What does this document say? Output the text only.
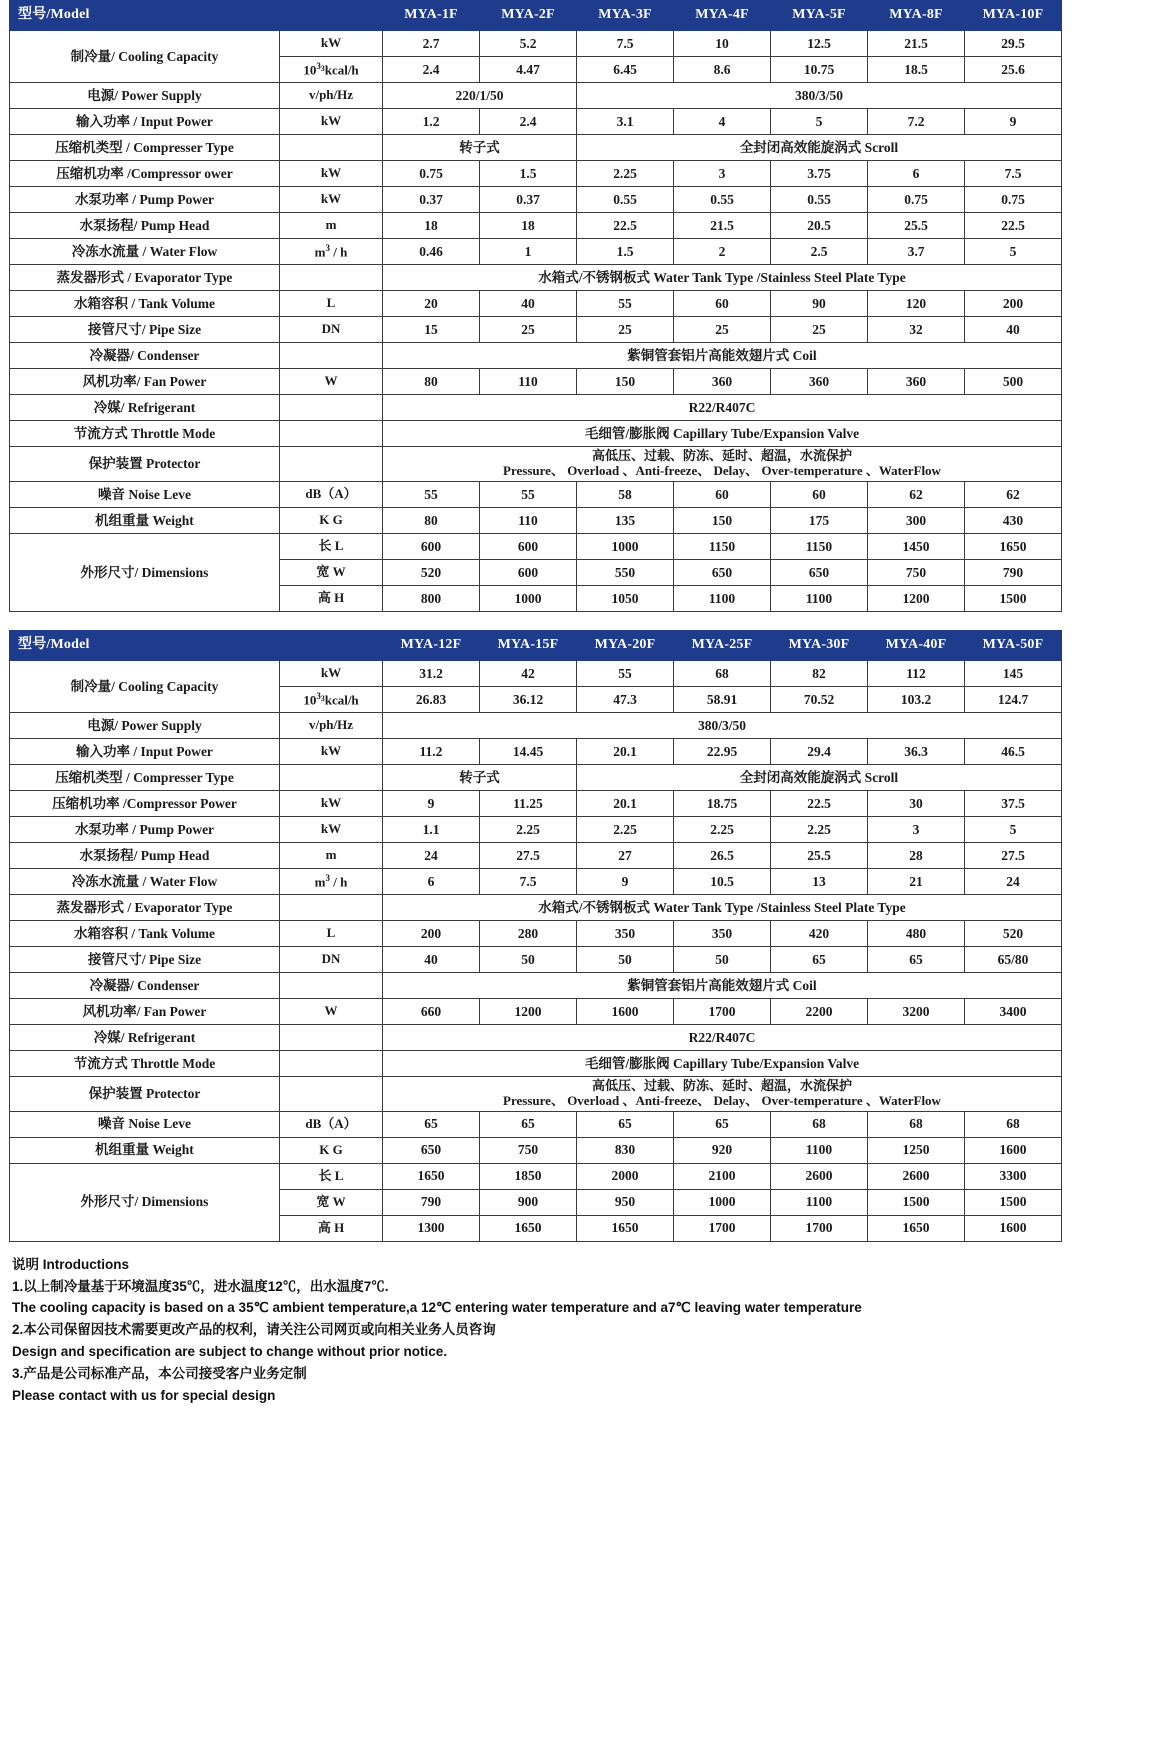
型号/Model		MYA-1F	MYA-2F	MYA-3F	MYA-4F	MYA-5F	MYA-8F	MYA-10F
制冷量/ Cooling Capacity	kW	2.7	5.2	7.5	10	12.5	21.5	29.5
	$10^3^3kcal/h$	2.4	4.47	6.45	8.6	10.75	18.5	25.6
电源/ Power Supply	v/ph/Hz	220/1/50		380/3/50				
输入功率 / Input Power	kW	1.2	2.4	3.1	4	5	7.2	9
压缩机类型 / Compresser Type		转子式		全封闭高效能旋涡式 Scroll				
压缩机功率 /Compressor ower	kW	0.75	1.5	2.25	3	3.75	6	7.5
水泵功率 / Pump Power	kW	0.37	0.37	0.55	0.55	0.55	0.75	0.75
水泵扬程/ Pump Head	m	18	18	22.5	21.5	20.5	25.5	22.5
冷冻水流量 / Water Flow	$m^3$ / h	0.46	1	1.5	2	2.5	3.7	5
蒸发器形式 / Evaporator Type		水箱式/不锈钢板式 Water Tank Type /Stainless Steel Plate Type						
水箱容积 / Tank Volume	L	20	40	55	60	90	120	200
接管尺寸/ Pipe Size	DN	15	25	25	25	25	32	40
冷凝器/ Condenser		紫铜管套铝片高能效翅片式 Coil						
风机功率/ Fan Power	W	80	110	150	360	360	360	500
冷媒/ Refrigerant		R22/R407C						
节流方式 Throttle Mode		毛细管/膨胀阀 Capillary Tube/Expansion Valve						
保护装置 Protector		高低压、过载、防冻、延时、超温，水流保护
Pressure、 Overload 、Anti-freeze、 Delay、 Over-temperature 、WaterFlow						

噪音 Noise Leve	dB（A）	55	55	58	60	60	62	62
机组重量 Weight	K G	80	110	135	150	175	300	430
外形尺寸/ Dimensions	长 L	600	600	1000	1150	1150	1450	1650
	宽 W	520	600	550	650	650	750	790
	高 H	800	1000	1050	1100	1100	1200	1500
型号/Model		MYA-12F	MYA-15F	MYA-20F	MYA-25F	MYA-30F	MYA-40F	MYA-50F
制冷量/ Cooling Capacity	kW	31.2	42	55	68	82	112	145
	$10^3^3kcal/h$	26.83	36.12	47.3	58.91	70.52	103.2	124.7
电源/ Power Supply	v/ph/Hz	380/3/50						
输入功率 / Input Power	kW	11.2	14.45	20.1	22.95	29.4	36.3	46.5
压缩机类型 / Compresser Type		转子式		全封闭高效能旋涡式 Scroll				
压缩机功率 /Compressor Power	kW	9	11.25	20.1	18.75	22.5	30	37.5
水泵功率 / Pump Power	kW	1.1	2.25	2.25	2.25	2.25	3	5
水泵扬程/ Pump Head	m	24	27.5	27	26.5	25.5	28	27.5
冷冻水流量 / Water Flow	$m^3$ / h	6	7.5	9	10.5	13	21	24
蒸发器形式 / Evaporator Type		水箱式/不锈钢板式 Water Tank Type /Stainless Steel Plate Type						
水箱容积 / Tank Volume	L	200	280	350	350	420	480	520
接管尺寸/ Pipe Size	DN	40	50	50	50	65	65	65/80
冷凝器/ Condenser		紫铜管套铝片高能效翅片式 Coil						
风机功率/ Fan Power	W	660	1200	1600	1700	2200	3200	3400
冷媒/ Refrigerant		R22/R407C						
节流方式 Throttle Mode		毛细管/膨胀阀 Capillary Tube/Expansion Valve						
保护装置 Protector		高低压、过载、防冻、延时、超温，水流保护
Pressure、 Overload 、Anti-freeze、 Delay、 Over-temperature 、WaterFlow						

噪音 Noise Leve	dB（A）	65	65	65	65	68	68	68
机组重量 Weight	K G	650	750	830	920	1100	1250	1600
外形尺寸/ Dimensions	长 L	1650	1850	2000	2100	2600	2600	3300
	宽 W	790	900	950	1000	1100	1500	1500
	高 H	1300	1650	1650	1700	1700	1650	1600
说明 Introductions
1.以上制冷量基于环境温度35℃，进水温度12℃，出水温度7℃.
The cooling capacity is based on a 35℃ ambient temperature,a 12℃ entering water temperature and a7℃ leaving water temperature
2.本公司保留因技术需要更改产品的权利，请关注公司网页或向相关业务人员咨询
Design and specification are subject to change without prior notice.
3.产品是公司标准产品，本公司接受客户业务定制
Please contact with us for special design
